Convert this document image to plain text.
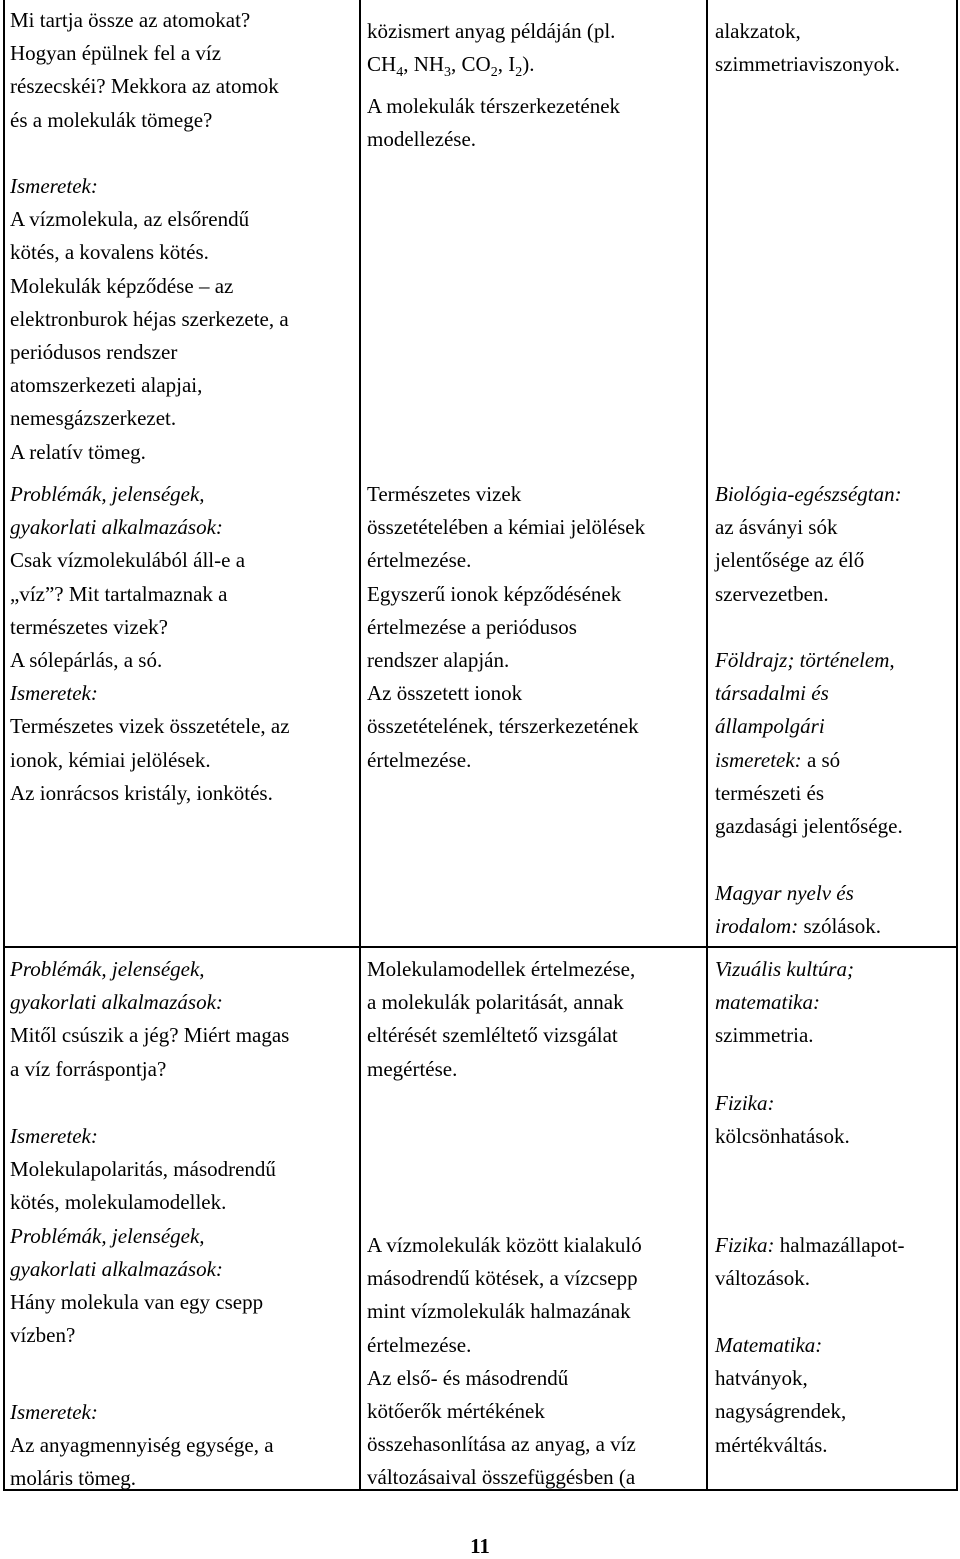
Mi tartja össze az atomokat?
Hogyan épülnek fel a víz
részecskéi? Mekkora az atomok
és a molekulák tömege?
Ismeretek:
A vízmolekula, az elsőrendű
kötés, a kovalens kötés.
Molekulák képződése – az
elektronburok héjas szerkezete, a
periódusos rendszer
atomszerkezeti alapjai,
nemesgázszerkezet.
A relatív tömeg.
Problémák, jelenségek,
gyakorlati alkalmazások:
Csak vízmolekulából áll-e a
„víz”? Mit tartalmaznak a
természetes vizek?
A sólepárlás, a só.
Ismeretek:
Természetes vizek összetétele, az
ionok, kémiai jelölések.
Az ionrácsos kristály, ionkötés.
Problémák, jelenségek,
gyakorlati alkalmazások:
Mitől csúszik a jég? Miért magas
a víz forráspontja?
Ismeretek:
Molekulapolaritás, másodrendű
kötés, molekulamodellek.
Problémák, jelenségek,
gyakorlati alkalmazások:
Hány molekula van egy csepp
vízben?
Ismeretek:
Az anyagmennyiség egysége, a
moláris tömeg.
közismert anyag példáján (pl.
$CH_4$, $NH_3$, $CO_2$, $I_2$).
A molekulák térszerkezetének
modellezése.
Természetes vizek
összetételében a kémiai jelölések
értelmezése.
Egyszerű ionok képződésének
értelmezése a periódusos
rendszer alapján.
Az összetett ionok
összetételének, térszerkezetének
értelmezése.
Molekulamodellek értelmezése,
a molekulák polaritását, annak
eltérését szemléltető vizsgálat
megértése.
A vízmolekulák között kialakuló
másodrendű kötések, a vízcsepp
mint vízmolekulák halmazának
értelmezése.
Az első- és másodrendű
kötőerők mértékének
összehasonlítása az anyag, a víz
változásaival összefüggésben (a
alakzatok,
szimmetriaviszonyok.
Biológia-egészségtan:
az ásványi sók
jelentősége az élő
szervezetben.
Földrajz; történelem,
társadalmi és
állampolgári
ismeretek: a só
természeti és
gazdasági jelentősége.
Magyar nyelv és
irodalom: szólások.
Vizuális kultúra;
matematika:
szimmetria.
Fizika:
kölcsönhatások.
Fizika: halmazállapot-
változások.
Matematika:
hatványok,
nagyságrendek,
mértékváltás.
11
